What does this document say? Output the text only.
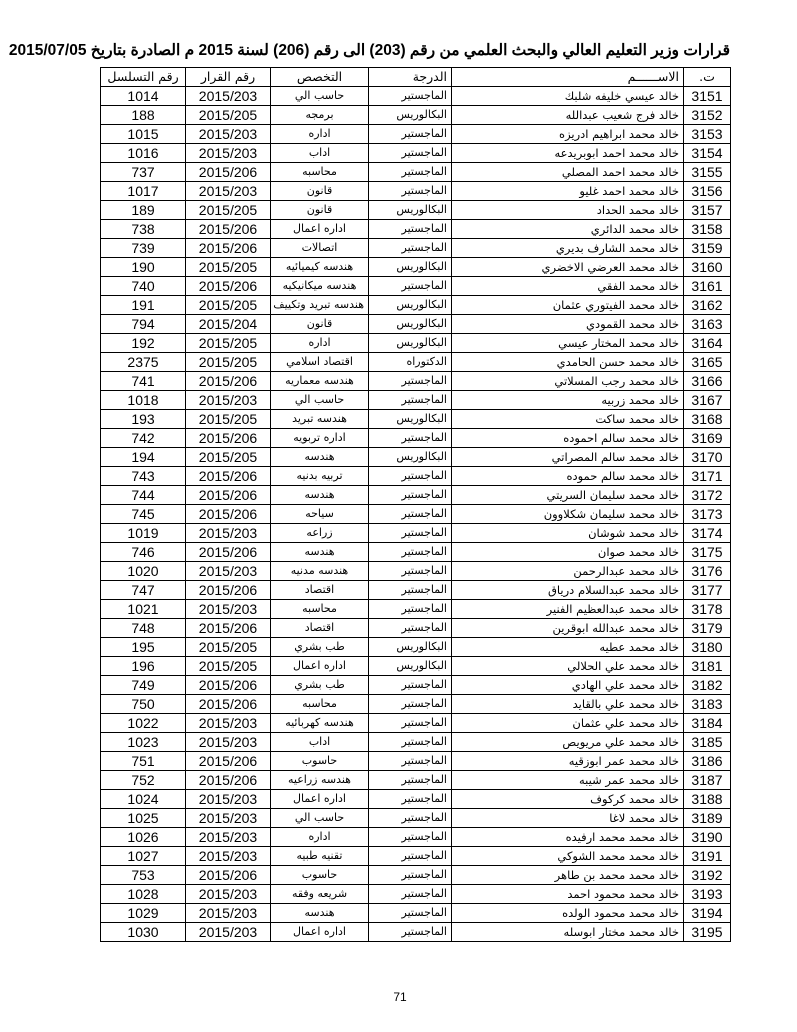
قرارات وزير التعليم العالي والبحث العلمي من رقم (203) الى رقم (206) لسنة 2015 م الصادرة بتاريخ 2015/07/05
ت.	الاســــــم	الدرجة	التخصص	رقم القرار	رقم التسلسل
3151	خالد عيسي خليفه شلبك	الماجستير	حاسب الي	2015/203	1014
3152	خالد فرج شعيب عبدالله	البكالوريس	برمجه	2015/205	188
3153	خالد محمد ابراهيم ادريزه	الماجستير	اداره	2015/203	1015
3154	خالد محمد احمد ابوبريدعه	الماجستير	اداب	2015/203	1016
3155	خالد محمد احمد المصلي	الماجستير	محاسبه	2015/206	737
3156	خالد محمد احمد غليو	الماجستير	قانون	2015/203	1017
3157	خالد محمد الحداد	البكالوريس	قانون	2015/205	189
3158	خالد محمد الدائري	الماجستير	اداره اعمال	2015/206	738
3159	خالد محمد الشارف بديري	الماجستير	اتصالات	2015/206	739
3160	خالد محمد العرضي الاخضري	البكالوريس	هندسه كيميائيه	2015/205	190
3161	خالد محمد الفقي	الماجستير	هندسه ميكانيكيه	2015/206	740
3162	خالد محمد الفيتوري عثمان	البكالوريس	هندسه تبريد وتكييف	2015/205	191
3163	خالد محمد القمودي	البكالوريس	قانون	2015/204	794
3164	خالد محمد المختار عيسي	البكالوريس	اداره	2015/205	192
3165	خالد محمد حسن الحامدي	الدكتوراه	اقتصاد اسلامي	2015/205	2375
3166	خالد محمد رجب المسلاتي	الماجستير	هندسه معماريه	2015/206	741
3167	خالد محمد زربيه	الماجستير	حاسب الي	2015/203	1018
3168	خالد محمد ساكت	البكالوريس	هندسه تبريد	2015/205	193
3169	خالد محمد سالم احموده	الماجستير	اداره تربويه	2015/206	742
3170	خالد محمد سالم المصراتي	البكالوريس	هندسه	2015/205	194
3171	خالد محمد سالم حموده	الماجستير	تربيه بدنيه	2015/206	743
3172	خالد محمد سليمان السريتي	الماجستير	هندسه	2015/206	744
3173	خالد محمد سليمان شكلاوون	الماجستير	سياحه	2015/206	745
3174	خالد محمد شوشان	الماجستير	زراعه	2015/203	1019
3175	خالد محمد صوان	الماجستير	هندسه	2015/206	746
3176	خالد محمد عبدالرحمن	الماجستير	هندسه مدنيه	2015/203	1020
3177	خالد محمد عبدالسلام درياق	الماجستير	اقتصاد	2015/206	747
3178	خالد محمد عبدالعظيم الفنير	الماجستير	محاسبه	2015/203	1021
3179	خالد محمد عبدالله ابوقرين	الماجستير	اقتصاد	2015/206	748
3180	خالد محمد عطيه	البكالوريس	طب بشري	2015/205	195
3181	خالد محمد علي الحلالي	البكالوريس	اداره اعمال	2015/205	196
3182	خالد محمد علي الهادي	الماجستير	طب بشري	2015/206	749
3183	خالد محمد علي بالقايد	الماجستير	محاسبه	2015/206	750
3184	خالد محمد علي عثمان	الماجستير	هندسه كهربائيه	2015/203	1022
3185	خالد محمد علي مريويص	الماجستير	اداب	2015/203	1023
3186	خالد محمد عمر ابوزقيه	الماجستير	حاسوب	2015/206	751
3187	خالد محمد عمر شيبه	الماجستير	هندسه زراعيه	2015/206	752
3188	خالد محمد كركوف	الماجستير	اداره اعمال	2015/203	1024
3189	خالد محمد لاغا	الماجستير	حاسب الي	2015/203	1025
3190	خالد محمد محمد ارفيده	الماجستير	اداره	2015/203	1026
3191	خالد محمد محمد الشوكي	الماجستير	تقنيه طبيه	2015/203	1027
3192	خالد محمد محمد بن طاهر	الماجستير	حاسوب	2015/206	753
3193	خالد محمد محمود احمد	الماجستير	شريعه وفقه	2015/203	1028
3194	خالد محمد محمود الولده	الماجستير	هندسه	2015/203	1029
3195	خالد محمد مختار ابوسله	الماجستير	اداره اعمال	2015/203	1030
71
